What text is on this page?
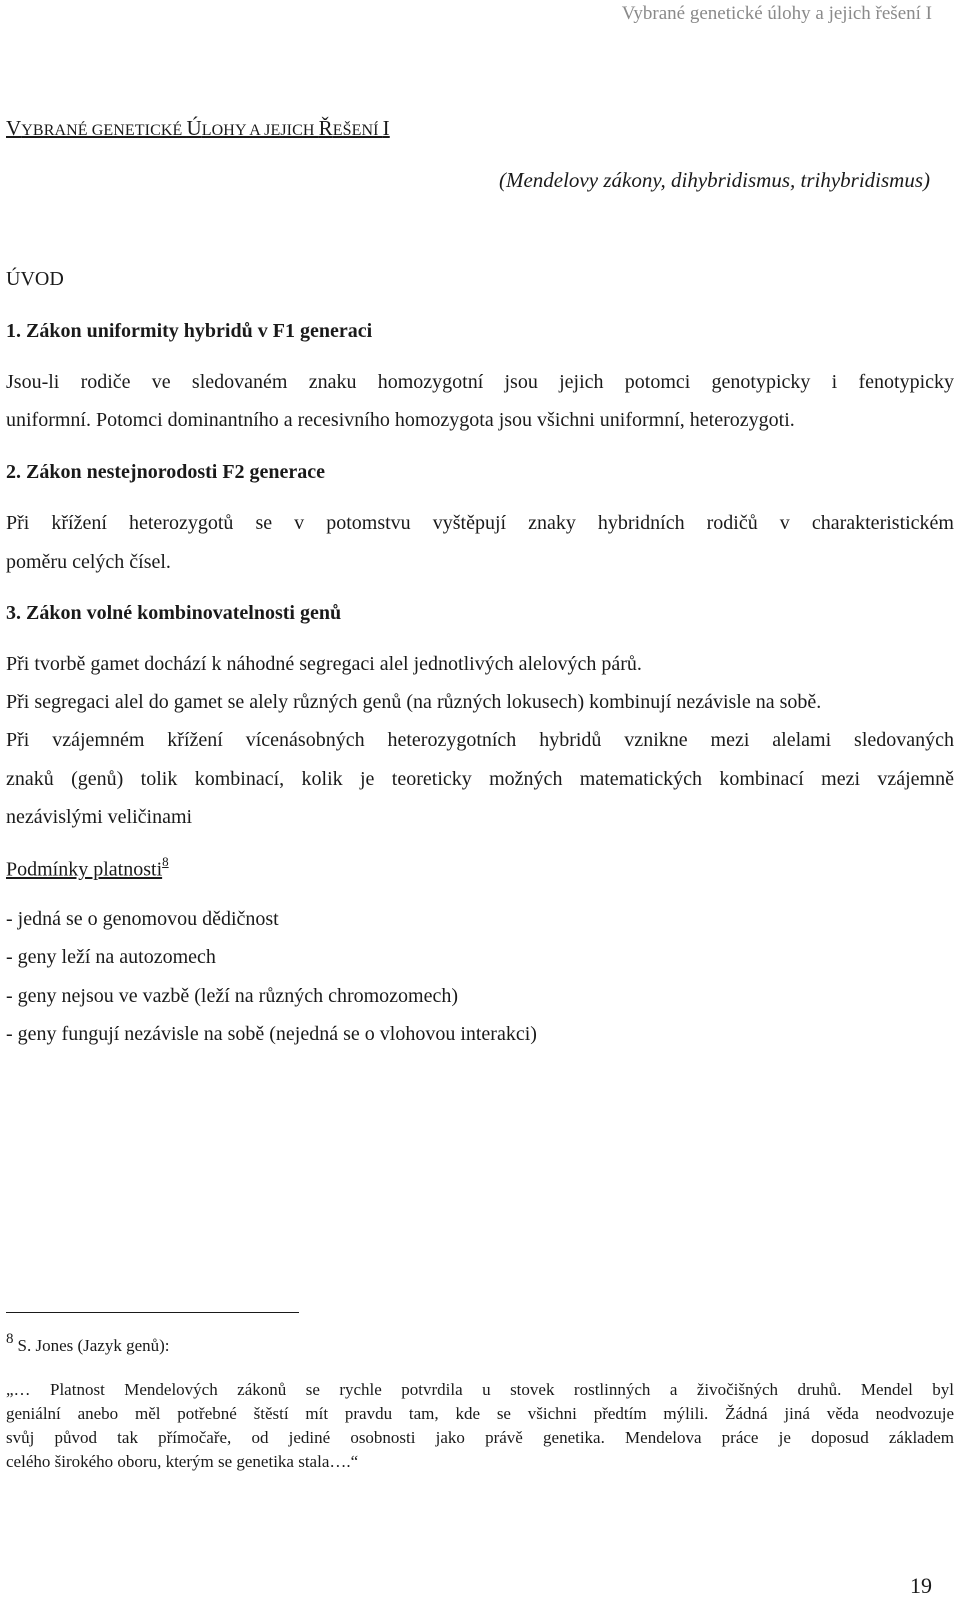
Vybrané genetické úlohy a jejich řešení I
VYBRANÉ GENETICKÉ ÚLOHY A JEJICH ŘEŠENÍ I
(Mendelovy zákony, dihybridismus, trihybridismus)
ÚVOD
1. Zákon uniformity hybridů v F1 generaci
Jsou-li rodiče ve sledovaném znaku homozygotní jsou jejich potomci genotypicky i fenotypicky
uniformní. Potomci dominantního a recesivního homozygota jsou všichni uniformní, heterozygoti.
2. Zákon nestejnorodosti F2 generace
Při křížení heterozygotů se v potomstvu vyštěpují znaky hybridních rodičů v charakteristickém
poměru celých čísel.
3. Zákon volné kombinovatelnosti genů
Při tvorbě gamet dochází k náhodné segregaci alel jednotlivých alelových párů.
Při segregaci alel do gamet se alely různých genů (na různých lokusech) kombinují nezávisle na sobě.
Při vzájemném křížení vícenásobných heterozygotních hybridů vznikne mezi alelami sledovaných
znaků (genů) tolik kombinací, kolik je teoreticky možných matematických kombinací mezi vzájemně
nezávislými veličinami
Podmínky platnosti$^8$
- jedná se o genomovou dědičnost
- geny leží na autozomech
- geny nejsou ve vazbě (leží na různých chromozomech)
- geny fungují nezávisle na sobě (nejedná se o vlohovou interakci)
8 S. Jones (Jazyk genů):
„… Platnost Mendelových zákonů se rychle potvrdila u stovek rostlinných a živočišných druhů. Mendel byl
geniální anebo měl potřebné štěstí mít pravdu tam, kde se všichni předtím mýlili. Žádná jiná věda neodvozuje
svůj původ tak přímočaře, od jediné osobnosti jako právě genetika. Mendelova práce je doposud základem
celého širokého oboru, kterým se genetika stala….“
19
